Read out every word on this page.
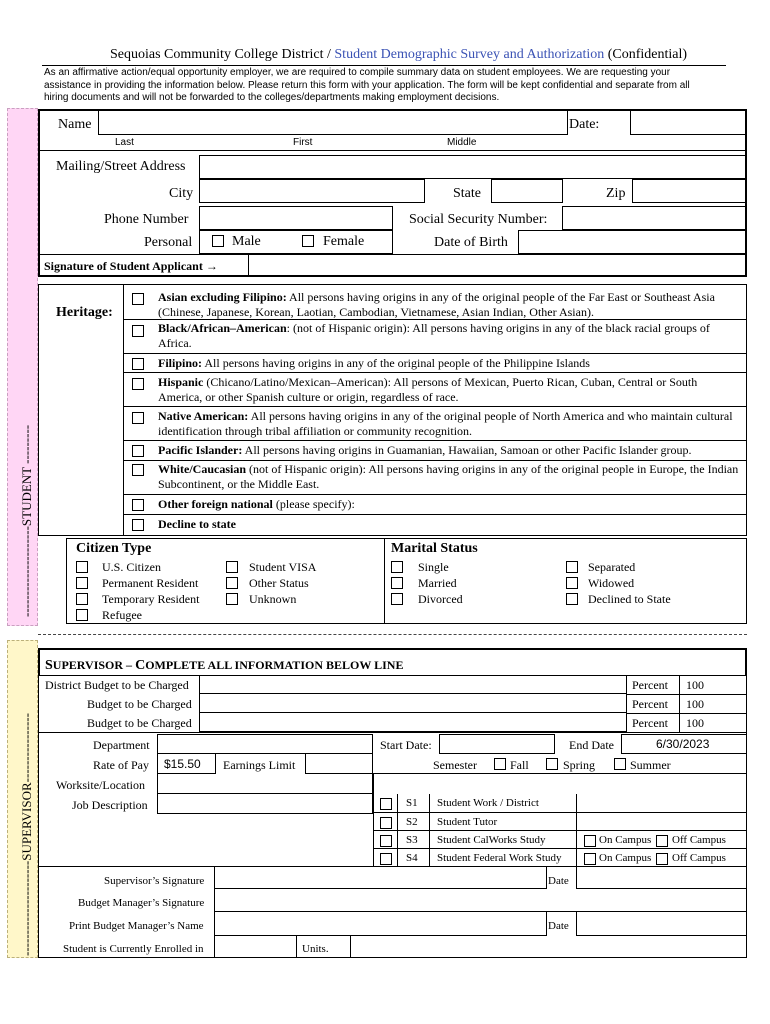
Sequoias Community College District / Student Demographic Survey and Authorization (Confidential)
As an affirmative action/equal opportunity employer, we are required to compile summary data on student employees. We are requesting your assistance in providing the information below. Please return this form with your application. The form will be kept confidential and separate from all hiring documents and will not be forwarded to the colleges/departments making employment decisions.
---------------------STUDENT ---------
----------------------SUPERVISOR----------------
Name	Date:
Last	First	Middle
Mailing/Street Address
City	State	Zip
Phone Number	Social Security Number:
Personal	Male	Female	Date of Birth
Signature of Student Applicant →
Heritage:
Asian excluding Filipino: All persons having origins in any of the original people of the Far East or Southeast Asia (Chinese, Japanese, Korean, Laotian, Cambodian, Vietnamese, Asian Indian, Other Asian).
Black/African–American: (not of Hispanic origin): All persons having origins in any of the black racial groups of Africa.
Filipino: All persons having origins in any of the original people of the Philippine Islands
Hispanic (Chicano/Latino/Mexican–American): All persons of Mexican, Puerto Rican, Cuban, Central or South America, or other Spanish culture or origin, regardless of race.
Native American: All persons having origins in any of the original people of North America and who maintain cultural identification through tribal affiliation or community recognition.
Pacific Islander: All persons having origins in Guamanian, Hawaiian, Samoan or other Pacific Islander group.
White/Caucasian (not of Hispanic origin): All persons having origins in any of the original people in Europe, the Indian Subcontinent, or the Middle East.
Other foreign national (please specify):
Decline to state
Citizen Type
U.S. Citizen
Permanent Resident
Temporary Resident
Refugee
Student VISA
Other Status
Unknown
Marital Status
Single
Married
Divorced
Separated
Widowed
Declined to State
SUPERVISOR – COMPLETE ALL INFORMATION BELOW LINE
District Budget to be Charged	Percent 100
Budget to be Charged	Percent 100
Budget to be Charged	Percent 100
Department	Start Date:	End Date	6/30/2023
Rate of Pay $15.50 Earnings Limit	Semester	Fall	Spring	Summer
Worksite/Location
Job Description	S1 Student Work / District
S2 Student Tutor
S3 Student CalWorks Study
S4 Student Federal Work Study
On Campus Off Campus
On Campus Off Campus
Supervisor’s Signature	Date
Budget Manager’s Signature
Print Budget Manager’s Name	Date
Student is Currently Enrolled in	Units.
